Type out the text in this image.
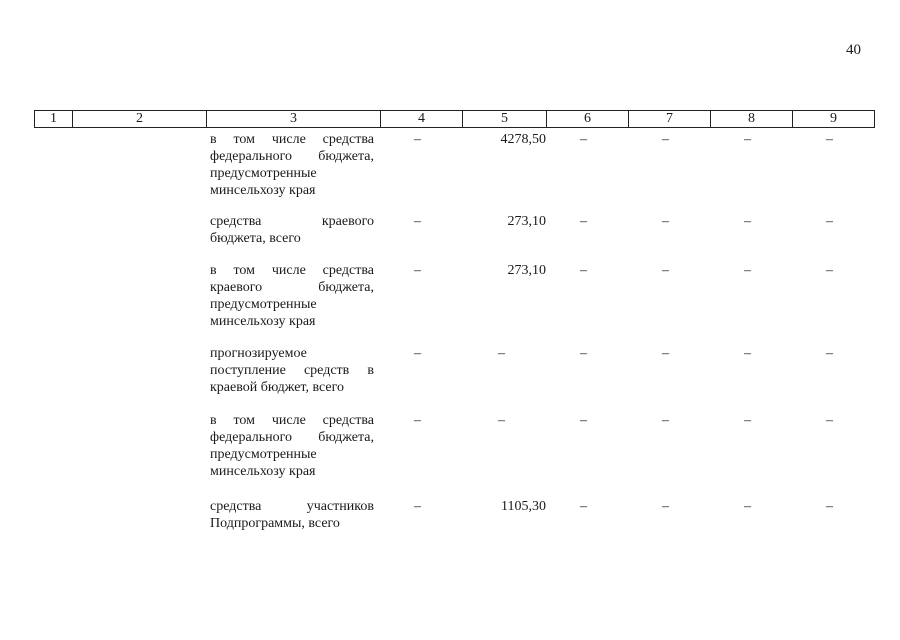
40
1	2	3	4	5	6	7	8	9
в том числе средства федерального бюджета, предусмотренные минсельхозу края
–	4278,50 –	–	–	–
средства краевого бюджета, всего
–	273,10 –	–	–	–
в том числе средства краевого бюджета, предусмотренные минсельхозу края
–	273,10 –	–	–	–
прогнозируемое поступление средств в краевой бюджет, всего
–	–	–	–	–	–
в том числе средства федерального бюджета, предусмотренные минсельхозу края
–	–	–	–	–	–
средства участников Подпрограммы, всего
–	1105,30 –	–	–	–
